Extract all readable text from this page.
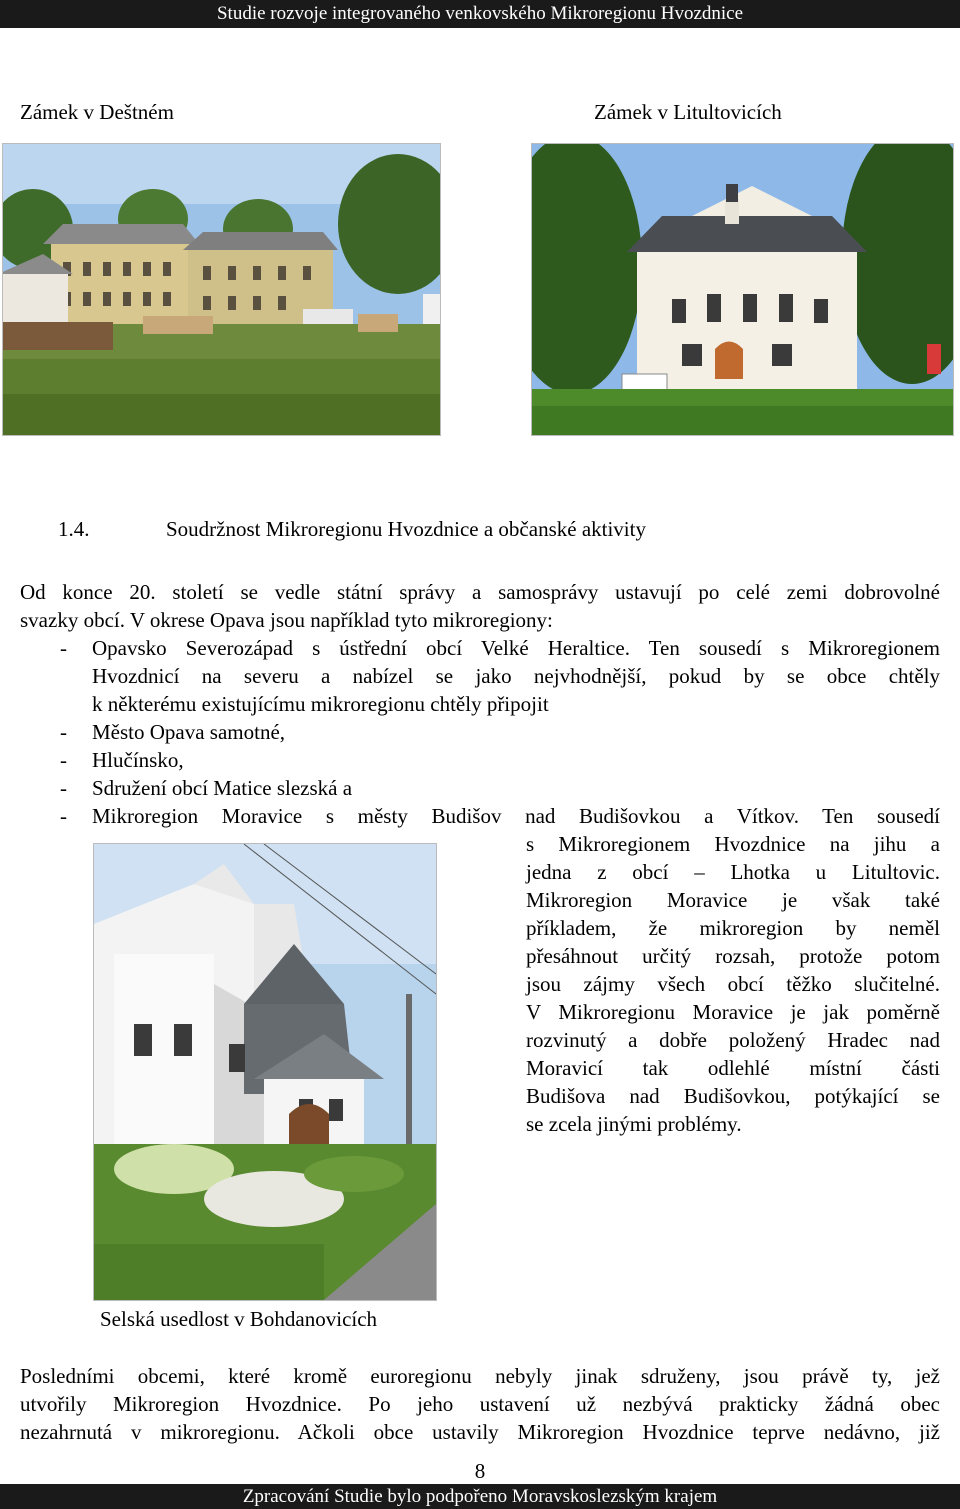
Studie rozvoje integrovaného venkovského Mikroregionu Hvozdnice
Zámek v Deštném	Zámek v Litultovicích
1.4.	Soudržnost Mikroregionu Hvozdnice a občanské aktivity
Od konce 20. století se vedle státní správy a samosprávy ustavují po celé zemi dobrovolné
svazky obcí. V okrese Opava jsou například tyto mikroregiony:
- Opavsko Severozápad s ústřední obcí Velké Heraltice. Ten sousedí s Mikroregionem
Hvozdnicí na severu a nabízel se jako nejvhodnější, pokud by se obce chtěly
k některému existujícímu mikroregionu chtěly připojit
- Město Opava samotné,
- Hlučínsko,
- Sdružení obcí Matice slezská a
- Mikroregion Moravice s městy Budišov nad Budišovkou a Vítkov. Ten sousedí
s Mikroregionem Hvozdnice na jihu a
jedna z obcí – Lhotka u Litultovic.
Mikroregion Moravice je však také
příkladem, že mikroregion by neměl
přesáhnout určitý rozsah, protože potom
jsou zájmy všech obcí těžko slučitelné.
V Mikroregionu Moravice je jak poměrně
rozvinutý a dobře položený Hradec nad
Moravicí tak odlehlé místní části
Budišova nad Budišovkou, potýkající se
se zcela jinými problémy.
Selská usedlost v Bohdanovicích
Posledními obcemi, které kromě euroregionu nebyly jinak sdruženy, jsou právě ty, jež
utvořily Mikroregion Hvozdnice. Po jeho ustavení už nezbývá prakticky žádná obec
nezahrnutá v mikroregionu. Ačkoli obce ustavily Mikroregion Hvozdnice teprve nedávno, již
8
Zpracování Studie bylo podpořeno Moravskoslezským krajem
